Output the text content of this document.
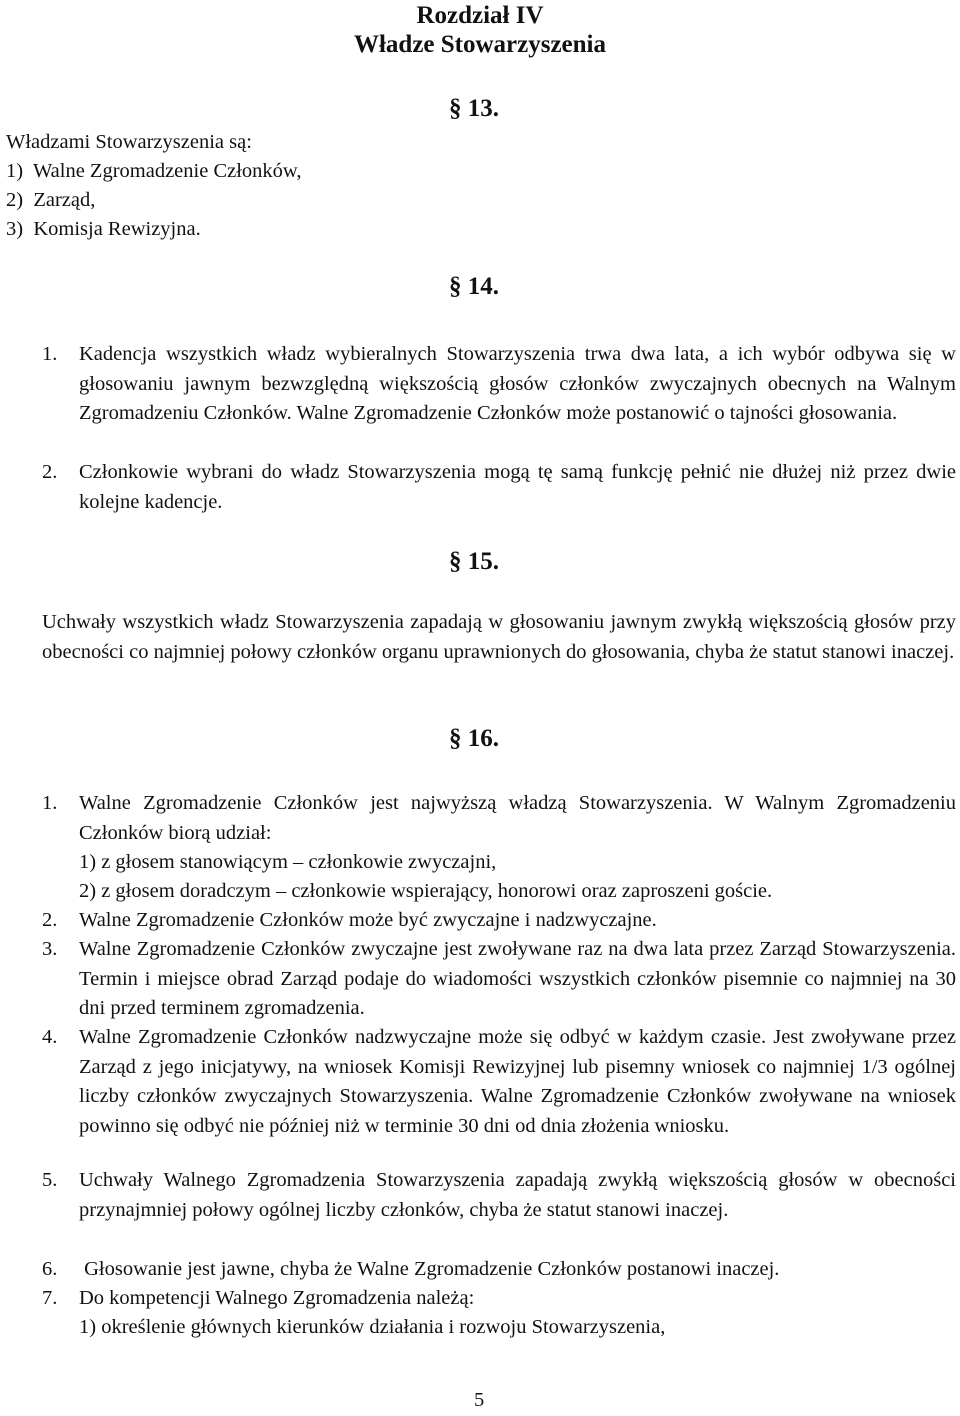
Rozdział IV
Władze Stowarzyszenia
§ 13.
Władzami Stowarzyszenia są:
1)  Walne Zgromadzenie Członków,
2)  Zarząd,
3)  Komisja Rewizyjna.
§ 14.
1. Kadencja wszystkich władz wybieralnych Stowarzyszenia trwa dwa lata, a ich wybór odbywa się w głosowaniu jawnym bezwzględną większością głosów członków zwyczajnych obecnych na Walnym Zgromadzeniu Członków. Walne Zgromadzenie Członków może postanowić o tajności głosowania.
2. Członkowie wybrani do władz Stowarzyszenia mogą tę samą funkcję pełnić nie dłużej niż przez dwie kolejne kadencje.
§ 15.
Uchwały wszystkich władz Stowarzyszenia zapadają w głosowaniu jawnym zwykłą większością głosów przy obecności co najmniej połowy członków organu uprawnionych do głosowania, chyba że statut stanowi inaczej.
§ 16.
1. Walne Zgromadzenie Członków jest najwyższą władzą Stowarzyszenia. W Walnym Zgromadzeniu Członków biorą udział:
1) z głosem stanowiącym – członkowie zwyczajni,
2) z głosem doradczym – członkowie wspierający, honorowi oraz zaproszeni goście.
2. Walne Zgromadzenie Członków może być zwyczajne i nadzwyczajne.
3. Walne Zgromadzenie Członków zwyczajne jest zwoływane raz na dwa lata przez Zarząd Stowarzyszenia. Termin i miejsce obrad Zarząd podaje do wiadomości wszystkich członków pisemnie co najmniej na 30 dni przed terminem zgromadzenia.
4. Walne Zgromadzenie Członków nadzwyczajne może się odbyć w każdym czasie. Jest zwoływane przez Zarząd z jego inicjatywy, na wniosek Komisji Rewizyjnej lub pisemny wniosek co najmniej 1/3 ogólnej liczby członków zwyczajnych Stowarzyszenia. Walne Zgromadzenie Członków zwoływane na wniosek powinno się odbyć nie później niż w terminie 30 dni od dnia złożenia wniosku.
5. Uchwały Walnego Zgromadzenia Stowarzyszenia zapadają zwykłą większością głosów w obecności przynajmniej połowy ogólnej liczby członków, chyba że statut stanowi inaczej.
6. Głosowanie jest jawne, chyba że Walne Zgromadzenie Członków postanowi inaczej.
7. Do kompetencji Walnego Zgromadzenia należą:
1) określenie głównych kierunków działania i rozwoju Stowarzyszenia,
5
